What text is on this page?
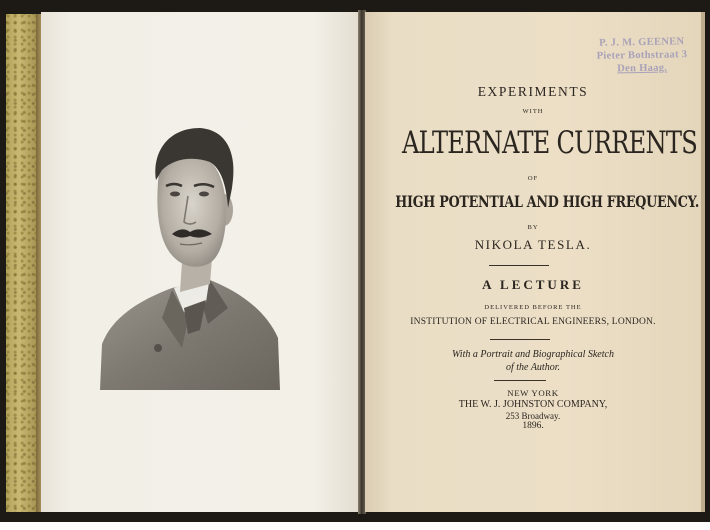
P. J. M. GEENEN
Pieter Bothstraat 3
Den Haag.
EXPERIMENTS
WITH
ALTERNATE CURRENTS
OF
HIGH POTENTIAL AND HIGH FREQUENCY.
BY
NIKOLA TESLA.
A LECTURE
DELIVERED BEFORE THE
INSTITUTION OF ELECTRICAL ENGINEERS, LONDON.
With a Portrait and Biographical Sketch
of the Author.
NEW YORK
THE W. J. JOHNSTON COMPANY,
253 Broadway.
1896.
